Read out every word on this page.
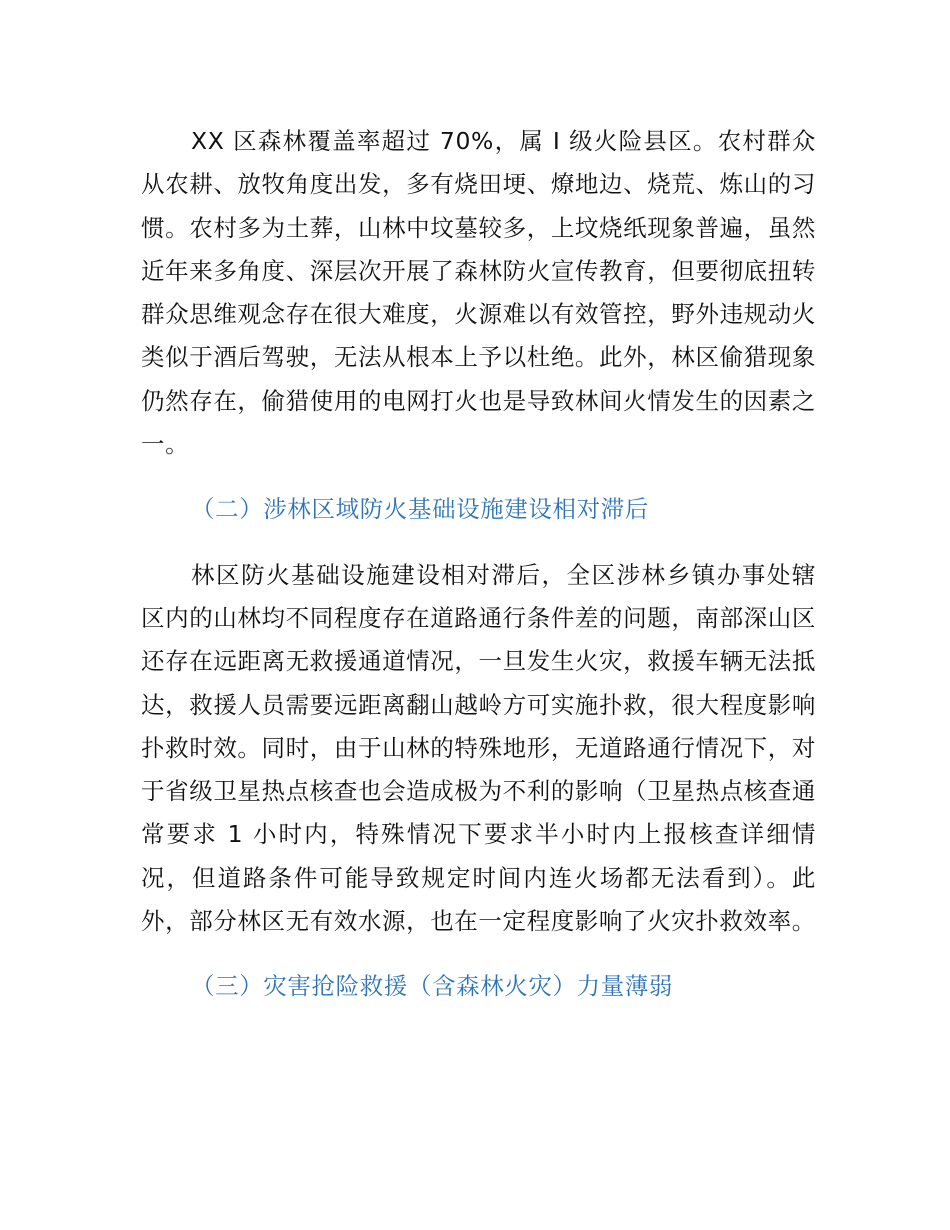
XX 区森林覆盖率超过 70%，属 I 级火险县区。农村群众从农耕、放牧角度出发，多有烧田埂、燎地边、烧荒、炼山的习惯。农村多为土葬，山林中坟墓较多，上坟烧纸现象普遍，虽然近年来多角度、深层次开展了森林防火宣传教育，但要彻底扭转群众思维观念存在很大难度，火源难以有效管控，野外违规动火类似于酒后驾驶，无法从根本上予以杜绝。此外，林区偷猎现象仍然存在，偷猎使用的电网打火也是导致林间火情发生的因素之一。

（二）涉林区域防火基础设施建设相对滞后

林区防火基础设施建设相对滞后，全区涉林乡镇办事处辖区内的山林均不同程度存在道路通行条件差的问题，南部深山区还存在远距离无救援通道情况，一旦发生火灾，救援车辆无法抵达，救援人员需要远距离翻山越岭方可实施扑救，很大程度影响扑救时效。同时，由于山林的特殊地形，无道路通行情况下，对于省级卫星热点核查也会造成极为不利的影响（卫星热点核查通常要求 1 小时内，特殊情况下要求半小时内上报核查详细情况，但道路条件可能导致规定时间内连火场都无法看到）。此外，部分林区无有效水源，也在一定程度影响了火灾扑救效率。

（三）灾害抢险救援（含森林火灾）力量薄弱
